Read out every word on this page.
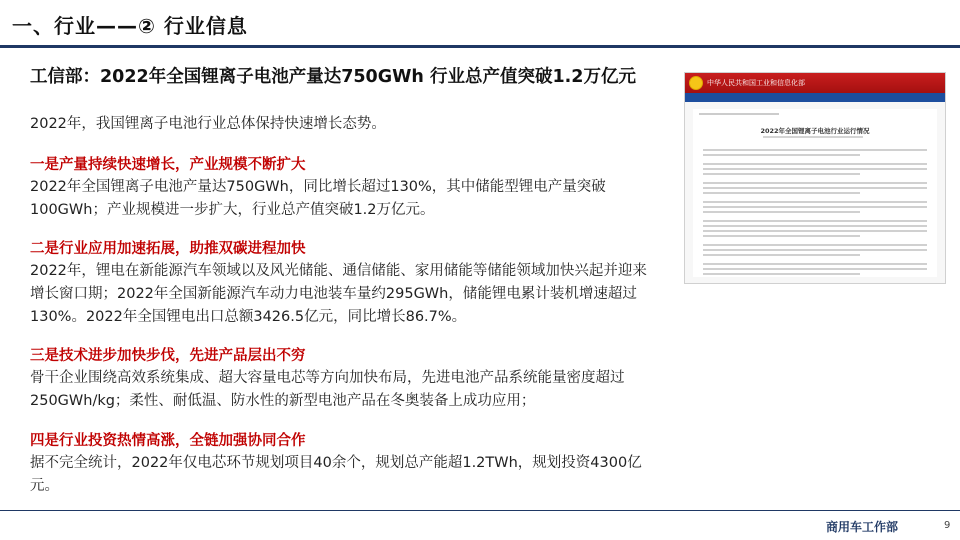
一、行业——② 行业信息
工信部：2022年全国锂离子电池产量达750GWh 行业总产值突破1.2万亿元
2022年，我国锂离子电池行业总体保持快速增长态势。
一是产量持续快速增长，产业规模不断扩大
2022年全国锂离子电池产量达750GWh，同比增长超过130%，其中储能型锂电产量突破100GWh；产业规模进一步扩大，行业总产值突破1.2万亿元。
二是行业应用加速拓展，助推双碳进程加快
2022年，锂电在新能源汽车领域以及风光储能、通信储能、家用储能等储能领域加快兴起并迎来增长窗口期；2022年全国新能源汽车动力电池装车量约295GWh，储能锂电累计装机增速超过130%。2022年全国锂电出口总额3426.5亿元，同比增长86.7%。
三是技术进步加快步伐，先进产品层出不穷
骨干企业围绕高效系统集成、超大容量电芯等方向加快布局，先进电池产品系统能量密度超过250GWh/kg；柔性、耐低温、防水性的新型电池产品在冬奥装备上成功应用；
四是行业投资热情高涨，全链加强协同合作
据不完全统计，2022年仅电芯环节规划项目40余个，规划总产能超1.2TWh，规划投资4300亿元。
中华人民共和国工业和信息化部
2022年全国锂离子电池行业运行情况
商用车工作部	9
